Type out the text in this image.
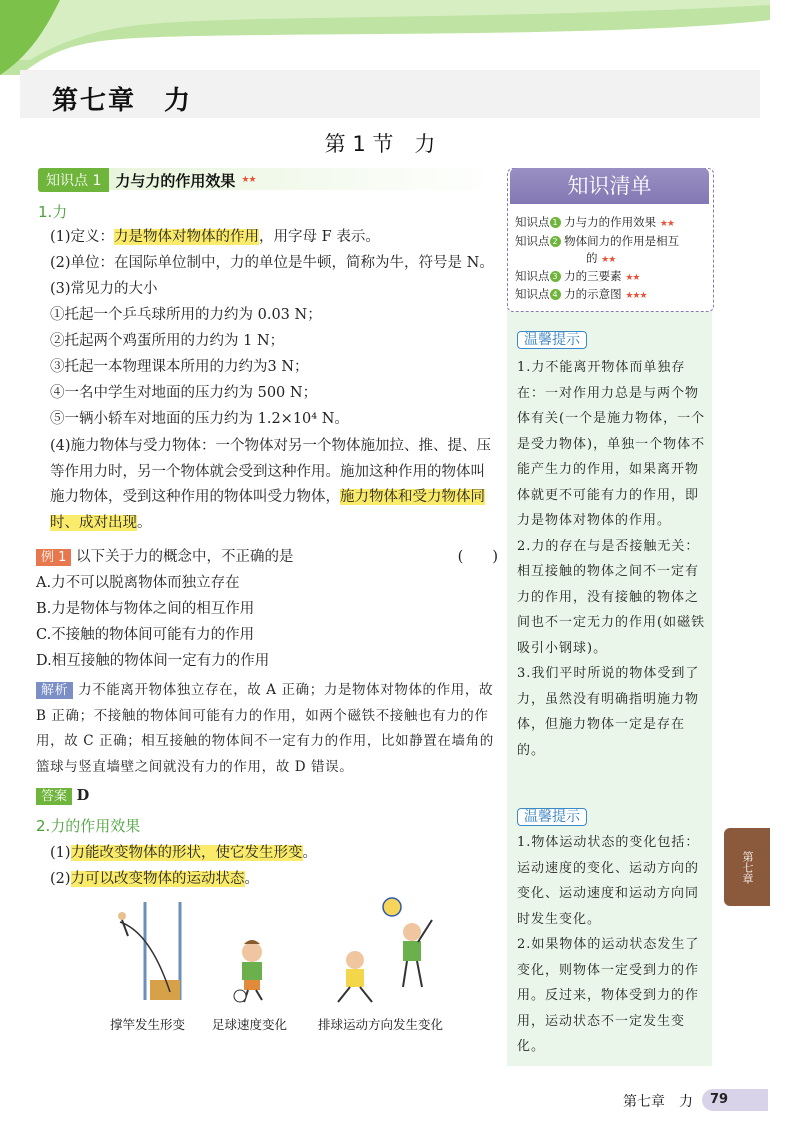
第七章　力
第 1 节　力
知识点 1 力与力的作用效果 ★★
1.力
(1)定义：力是物体对物体的作用，用字母 F 表示。
(2)单位：在国际单位制中，力的单位是牛顿，简称为牛，符号是 N。
(3)常见力的大小
①托起一个乒乓球所用的力约为 0.03 N；
②托起两个鸡蛋所用的力约为 1 N；
③托起一本物理课本所用的力约为3 N；
④一名中学生对地面的压力约为 500 N；
⑤一辆小轿车对地面的压力约为 1.2×10⁴ N。
(4)施力物体与受力物体：一个物体对另一个物体施加拉、推、提、压等作用力时，另一个物体就会受到这种作用。施加这种作用的物体叫施力物体，受到这种作用的物体叫受力物体，施力物体和受力物体同时、成对出现。
例 1 以下关于力的概念中，不正确的是	(　　)
A.力不可以脱离物体而独立存在
B.力是物体与物体之间的相互作用
C.不接触的物体间可能有力的作用
D.相互接触的物体间一定有力的作用
解析 力不能离开物体独立存在，故 A 正确；力是物体对物体的作用，故 B 正确；不接触的物体间可能有力的作用，如两个磁铁不接触也有力的作用，故 C 正确；相互接触的物体间不一定有力的作用，比如静置在墙角的篮球与竖直墙壁之间就没有力的作用，故 D 错误。
答案 D
2.力的作用效果
(1)力能改变物体的形状，使它发生形变。
(2)力可以改变物体的运动状态。
撑竿发生形变 足球速度变化 排球运动方向发生变化
知识清单
知识点 1 力与力的作用效果 ★★
知识点 2 物体间力的作用是相互
的 ★★
知识点 3 力的三要素 ★★
知识点 4 力的示意图 ★★★
温馨提示
1.力不能离开物体而单独存在：一对作用力总是与两个物体有关(一个是施力物体，一个是受力物体)，单独一个物体不能产生力的作用，如果离开物体就更不可能有力的作用，即力是物体对物体的作用。
2.力的存在与是否接触无关：相互接触的物体之间不一定有力的作用，没有接触的物体之间也不一定无力的作用(如磁铁吸引小钢球)。
3.我们平时所说的物体受到了力，虽然没有明确指明施力物体，但施力物体一定是存在的。
温馨提示
1.物体运动状态的变化包括：运动速度的变化、运动方向的变化、运动速度和运动方向同时发生变化。
2.如果物体的运动状态发生了变化，则物体一定受到力的作用。反过来，物体受到力的作用，运动状态不一定发生变化。
第七章
第七章　力	79
